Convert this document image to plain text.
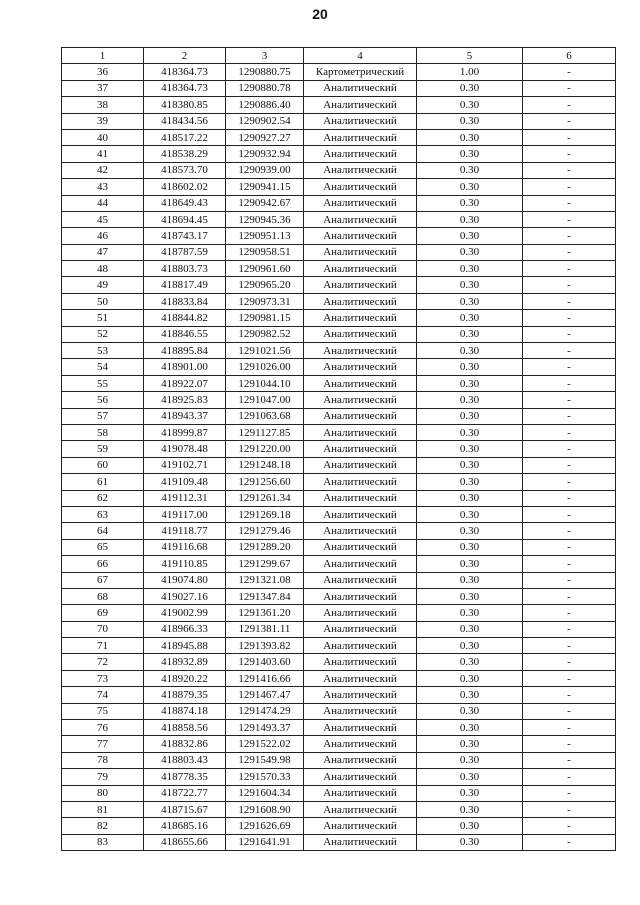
20
1	2	3	4	5	6
36	418364.73	1290880.75	Картометрический	1.00	-
37	418364.73	1290880.78	Аналитический	0.30	-
38	418380.85	1290886.40	Аналитический	0.30	-
39	418434.56	1290902.54	Аналитический	0.30	-
40	418517.22	1290927.27	Аналитический	0.30	-
41	418538.29	1290932.94	Аналитический	0.30	-
42	418573.70	1290939.00	Аналитический	0.30	-
43	418602.02	1290941.15	Аналитический	0.30	-
44	418649.43	1290942.67	Аналитический	0.30	-
45	418694.45	1290945.36	Аналитический	0.30	-
46	418743.17	1290951.13	Аналитический	0.30	-
47	418787.59	1290958.51	Аналитический	0.30	-
48	418803.73	1290961.60	Аналитический	0.30	-
49	418817.49	1290965.20	Аналитический	0.30	-
50	418833.84	1290973.31	Аналитический	0.30	-
51	418844.82	1290981.15	Аналитический	0.30	-
52	418846.55	1290982.52	Аналитический	0.30	-
53	418895.84	1291021.56	Аналитический	0.30	-
54	418901.00	1291026.00	Аналитический	0.30	-
55	418922.07	1291044.10	Аналитический	0.30	-
56	418925.83	1291047.00	Аналитический	0.30	-
57	418943.37	1291063.68	Аналитический	0.30	-
58	418999.87	1291127.85	Аналитический	0.30	-
59	419078.48	1291220.00	Аналитический	0.30	-
60	419102.71	1291248.18	Аналитический	0.30	-
61	419109.48	1291256.60	Аналитический	0.30	-
62	419112.31	1291261.34	Аналитический	0.30	-
63	419117.00	1291269.18	Аналитический	0.30	-
64	419118.77	1291279.46	Аналитический	0.30	-
65	419116.68	1291289.20	Аналитический	0.30	-
66	419110.85	1291299.67	Аналитический	0.30	-
67	419074.80	1291321.08	Аналитический	0.30	-
68	419027.16	1291347.84	Аналитический	0.30	-
69	419002.99	1291361.20	Аналитический	0.30	-
70	418966.33	1291381.11	Аналитический	0.30	-
71	418945.88	1291393.82	Аналитический	0.30	-
72	418932.89	1291403.60	Аналитический	0.30	-
73	418920.22	1291416.66	Аналитический	0.30	-
74	418879.35	1291467.47	Аналитический	0.30	-
75	418874.18	1291474.29	Аналитический	0.30	-
76	418858.56	1291493.37	Аналитический	0.30	-
77	418832.86	1291522.02	Аналитический	0.30	-
78	418803.43	1291549.98	Аналитический	0.30	-
79	418778.35	1291570.33	Аналитический	0.30	-
80	418722.77	1291604.34	Аналитический	0.30	-
81	418715.67	1291608.90	Аналитический	0.30	-
82	418685.16	1291626.69	Аналитический	0.30	-
83	418655.66	1291641.91	Аналитический	0.30	-
